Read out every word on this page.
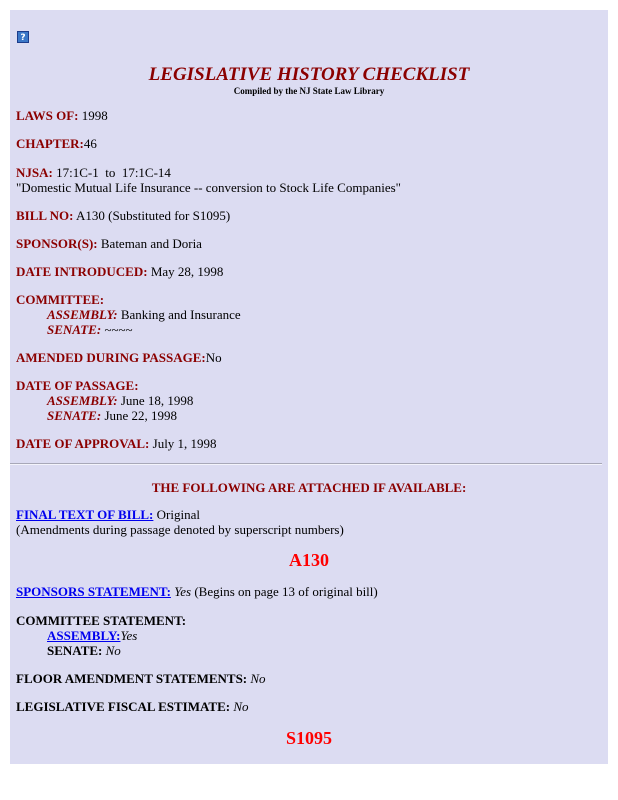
?
LEGISLATIVE HISTORY CHECKLIST
Compiled by the NJ State Law Library
LAWS OF: 1998
CHAPTER:46
NJSA: 17:1C-1  to  17:1C-14
"Domestic Mutual Life Insurance -- conversion to Stock Life Companies"
BILL NO: A130 (Substituted for S1095)
SPONSOR(S): Bateman and Doria
DATE INTRODUCED: May 28, 1998
COMMITTEE:
ASSEMBLY: Banking and Insurance
SENATE: ~~~~
AMENDED DURING PASSAGE:No
DATE OF PASSAGE:
ASSEMBLY: June 18, 1998
SENATE: June 22, 1998
DATE OF APPROVAL: July 1, 1998
THE FOLLOWING ARE ATTACHED IF AVAILABLE:
FINAL TEXT OF BILL: Original
(Amendments during passage denoted by superscript numbers)
A130
SPONSORS STATEMENT: Yes (Begins on page 13 of original bill)
COMMITTEE STATEMENT:
ASSEMBLY:Yes
SENATE: No
FLOOR AMENDMENT STATEMENTS: No
LEGISLATIVE FISCAL ESTIMATE: No
S1095
